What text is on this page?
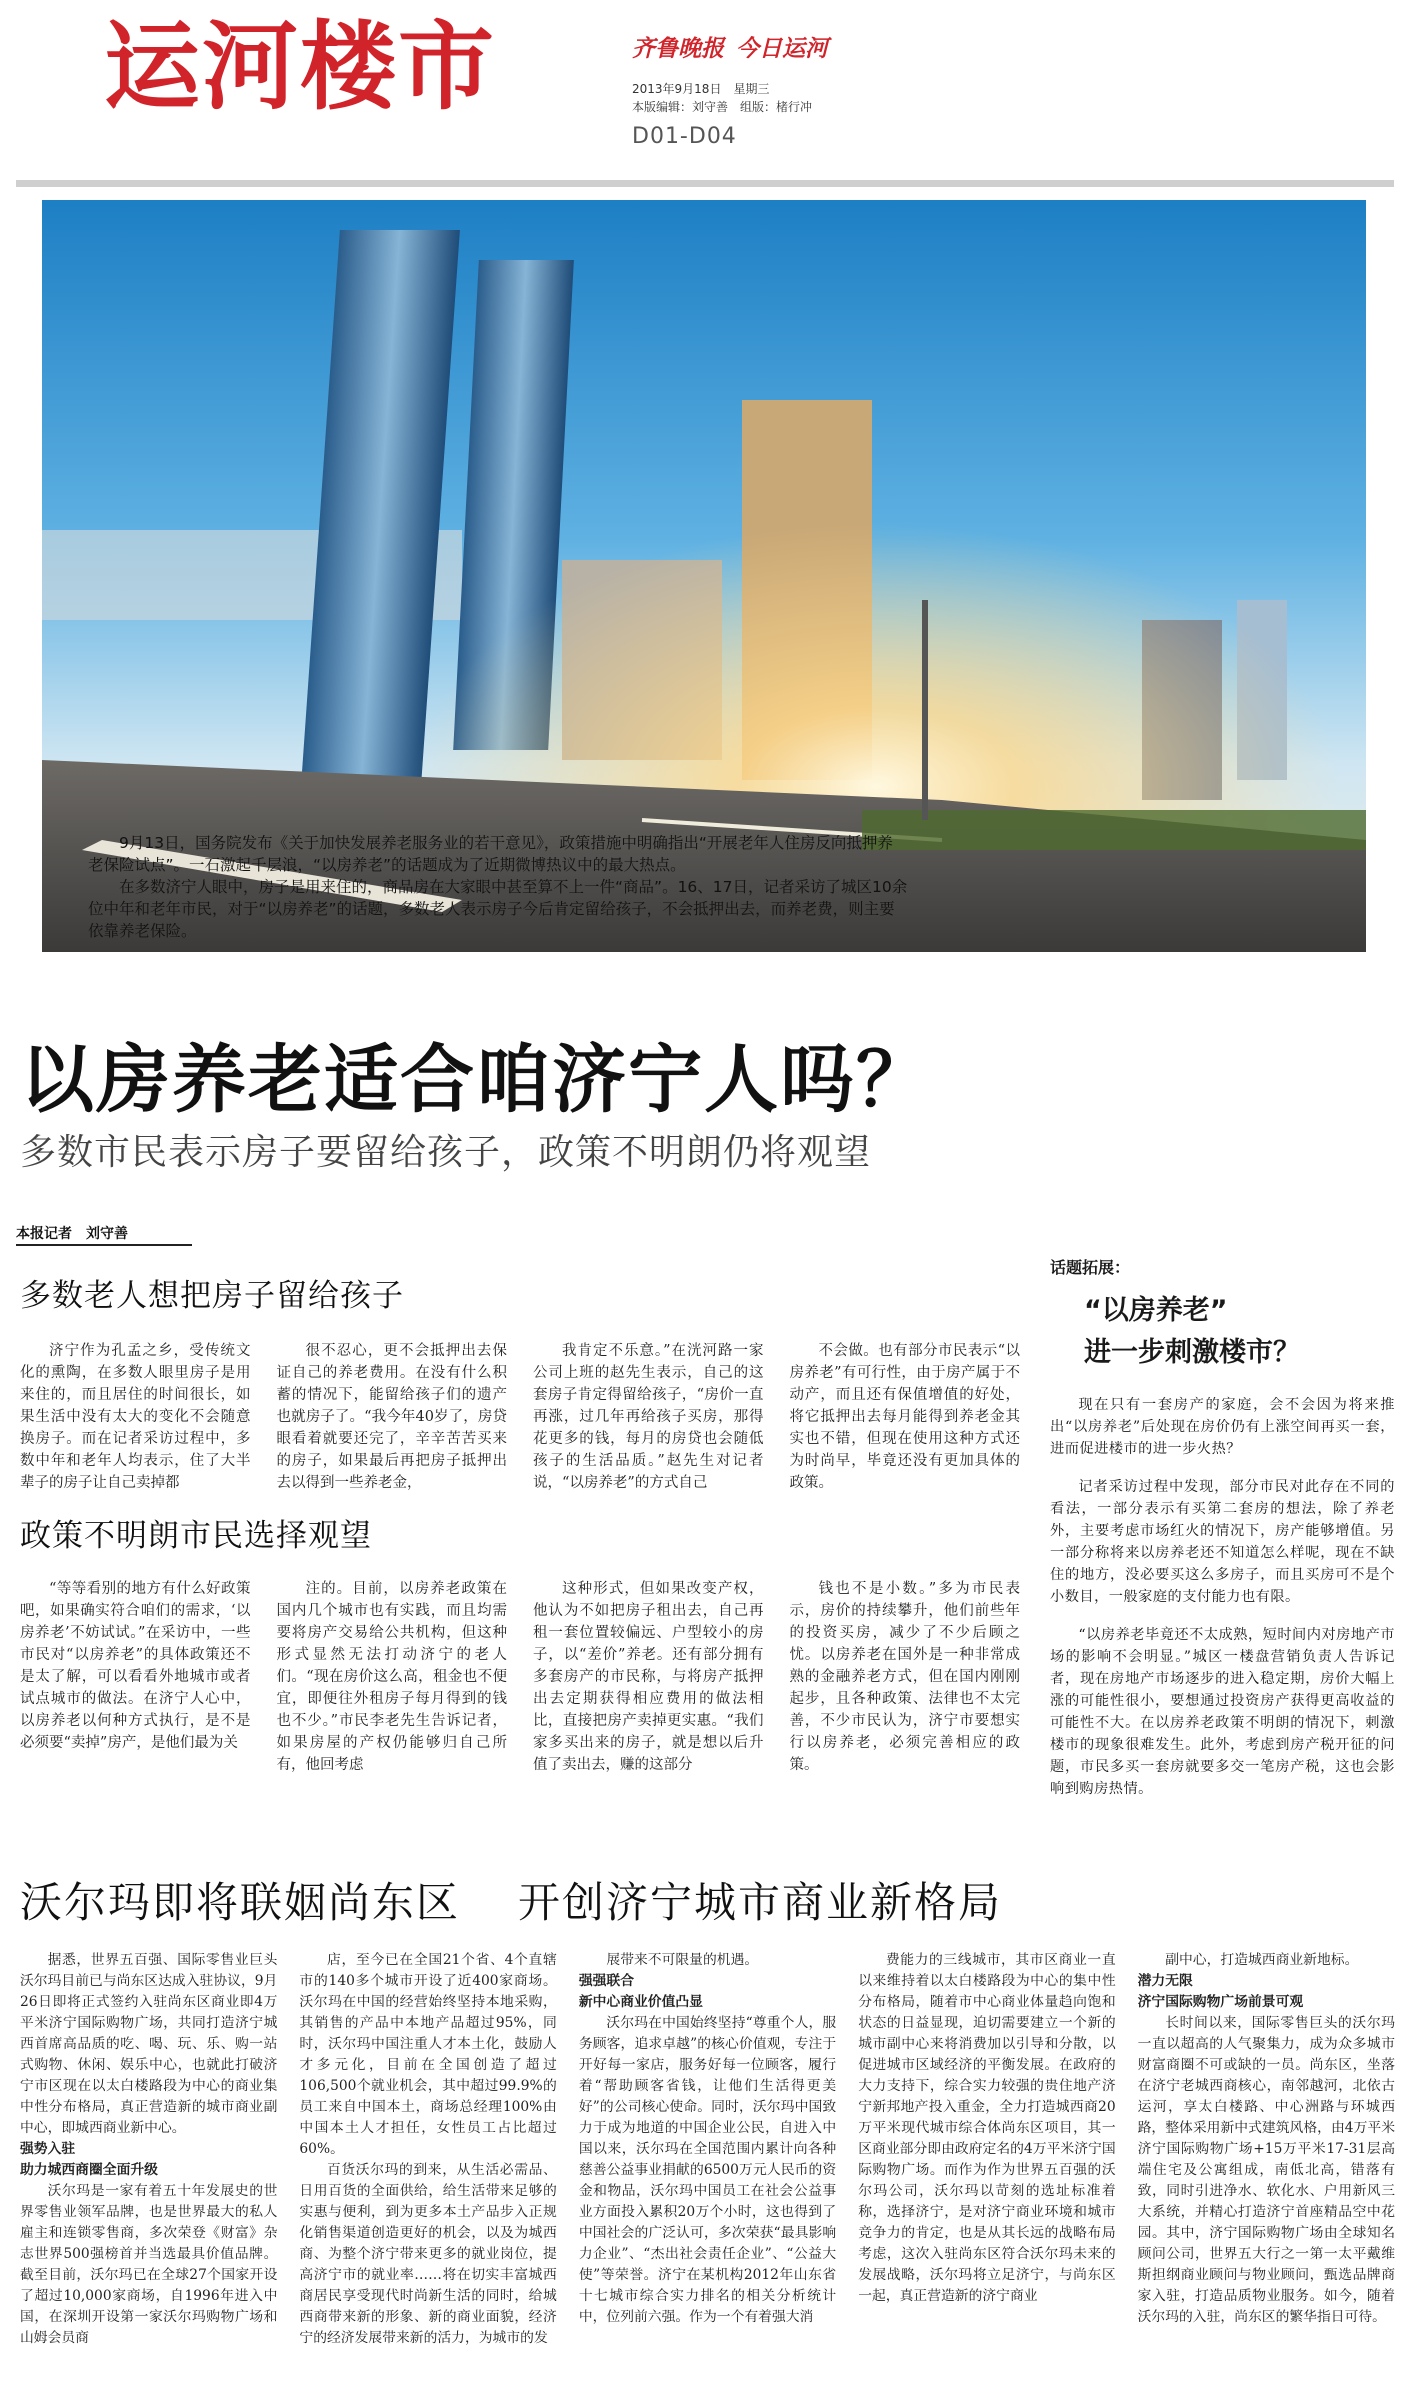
运河楼市	齐鲁晚报 今日运河
2013年9月18日　星期三
本版编辑：刘守善　组版：楮行冲
D01-D04

9月13日，国务院发布《关于加快发展养老服务业的若干意见》，政策措施中明确指出“开展老年人住房反向抵押养老保险试点”。一石激起千层浪，“以房养老”的话题成为了近期微博热议中的最大热点。

在多数济宁人眼中，房子是用来住的，商品房在大家眼中甚至算不上一件“商品”。16、17日，记者采访了城区10余位中年和老年市民，对于“以房养老”的话题，多数老人表示房子今后肯定留给孩子，不会抵押出去，而养老费，则主要依靠养老保险。

以房养老适合咱济宁人吗？
多数市民表示房子要留给孩子，政策不明朗仍将观望
本报记者　刘守善
多数老人想把房子留给孩子

济宁作为孔孟之乡，受传统文化的熏陶，在多数人眼里房子是用来住的，而且居住的时间很长，如果生活中没有太大的变化不会随意换房子。而在记者采访过程中，多数中年和老年人均表示，住了大半辈子的房子让自己卖掉都

很不忍心，更不会抵押出去保证自己的养老费用。在没有什么积蓄的情况下，能留给孩子们的遗产也就房子了。“我今年40岁了，房贷眼看着就要还完了，辛辛苦苦买来的房子，如果最后再把房子抵押出去以得到一些养老金，

我肯定不乐意。”在洸河路一家公司上班的赵先生表示，自己的这套房子肯定得留给孩子，“房价一直再涨，过几年再给孩子买房，那得花更多的钱，每月的房贷也会随低孩子的生活品质。”赵先生对记者说，“以房养老”的方式自己

不会做。也有部分市民表示“以房养老”有可行性，由于房产属于不动产，而且还有保值增值的好处，将它抵押出去每月能得到养老金其实也不错，但现在使用这种方式还为时尚早，毕竟还没有更加具体的政策。

政策不明朗市民选择观望

“等等看别的地方有什么好政策吧，如果确实符合咱们的需求，‘以房养老’不妨试试。”在采访中，一些市民对“以房养老”的具体政策还不是太了解，可以看看外地城市或者试点城市的做法。在济宁人心中，以房养老以何种方式执行，是不是必须要“卖掉”房产，是他们最为关

注的。目前，以房养老政策在国内几个城市也有实践，而且均需要将房产交易给公共机构，但这种形式显然无法打动济宁的老人们。“现在房价这么高，租金也不便宜，即便往外租房子每月得到的钱也不少。”市民李老先生告诉记者，如果房屋的产权仍能够归自己所有，他回考虑

这种形式，但如果改变产权，他认为不如把房子租出去，自己再租一套位置较偏远、户型较小的房子，以“差价”养老。还有部分拥有多套房产的市民称，与将房产抵押出去定期获得相应费用的做法相比，直接把房产卖掉更实惠。“我们家多买出来的房子，就是想以后升值了卖出去，赚的这部分

钱也不是小数。”多为市民表示，房价的持续攀升，他们前些年的投资买房，减少了不少后顾之忧。以房养老在国外是一种非常成熟的金融养老方式，但在国内刚刚起步，且各种政策、法律也不太完善，不少市民认为，济宁市要想实行以房养老，必须完善相应的政策。

话题拓展：
“以房养老”
进一步刺激楼市？

现在只有一套房产的家庭，会不会因为将来推出“以房养老”后处现在房价仍有上涨空间再买一套，进而促进楼市的进一步火热？

记者采访过程中发现，部分市民对此存在不同的看法，一部分表示有买第二套房的想法，除了养老外，主要考虑市场红火的情况下，房产能够增值。另一部分称将来以房养老还不知道怎么样呢，现在不缺住的地方，没必要买这么多房子，而且买房可不是个小数目，一般家庭的支付能力也有限。

“以房养老毕竟还不太成熟，短时间内对房地产市场的影响不会明显。”城区一楼盘营销负责人告诉记者，现在房地产市场逐步的进入稳定期，房价大幅上涨的可能性很小，要想通过投资房产获得更高收益的可能性不大。在以房养老政策不明朗的情况下，刺激楼市的现象很难发生。此外，考虑到房产税开征的问题，市民多买一套房就要多交一笔房产税，这也会影响到购房热情。

沃尔玛即将联姻尚东区 开创济宁城市商业新格局

据悉，世界五百强、国际零售业巨头沃尔玛目前已与尚东区达成入驻协议，9月26日即将正式签约入驻尚东区商业即4万平米济宁国际购物广场，共同打造济宁城西首席高品质的吃、喝、玩、乐、购一站式购物、休闲、娱乐中心，也就此打破济宁市区现在以太白楼路段为中心的商业集中性分布格局，真正营造新的城市商业副中心，即城西商业新中心。

强势入驻

助力城西商圈全面升级

沃尔玛是一家有着五十年发展史的世界零售业领军品牌，也是世界最大的私人雇主和连锁零售商，多次荣登《财富》杂志世界500强榜首并当选最具价值品牌。截至目前，沃尔玛已在全球27个国家开设了超过10,000家商场，自1996年进入中国，在深圳开设第一家沃尔玛购物广场和山姆会员商

店，至今已在全国21个省、4个直辖市的140多个城市开设了近400家商场。沃尔玛在中国的经营始终坚持本地采购，其销售的产品中本地产品超过95%，同时，沃尔玛中国注重人才本土化，鼓励人才多元化，目前在全国创造了超过106,500个就业机会，其中超过99.9%的员工来自中国本土，商场总经理100%由中国本土人才担任，女性员工占比超过60%。

百货沃尔玛的到来，从生活必需品、日用百货的全面供给，给生活带来足够的实惠与便利，到为更多本土产品步入正规化销售渠道创造更好的机会，以及为城西商、为整个济宁带来更多的就业岗位，提高济宁市的就业率……将在切实丰富城西商居民享受现代时尚新生活的同时，给城西商带来新的形象、新的商业面貌，经济宁的经济发展带来新的活力，为城市的发

展带来不可限量的机遇。

强强联合

新中心商业价值凸显

沃尔玛在中国始终坚持“尊重个人，服务顾客，追求卓越”的核心价值观，专注于开好每一家店，服务好每一位顾客，履行着“帮助顾客省钱，让他们生活得更美好”的公司核心使命。同时，沃尔玛中国致力于成为地道的中国企业公民，自进入中国以来，沃尔玛在全国范围内累计向各种慈善公益事业捐献的6500万元人民币的资金和物品，沃尔玛中国员工在社会公益事业方面投入累积20万个小时，这也得到了中国社会的广泛认可，多次荣获“最具影响力企业”、“杰出社会责任企业”、“公益大使”等荣誉。济宁在某机构2012年山东省十七城市综合实力排名的相关分析统计中，位列前六强。作为一个有着强大消

费能力的三线城市，其市区商业一直以来维持着以太白楼路段为中心的集中性分布格局，随着市中心商业体量趋向饱和状态的日益显现，迫切需要建立一个新的城市副中心来将消费加以引导和分散，以促进城市区域经济的平衡发展。在政府的大力支持下，综合实力较强的贵住地产济宁新邦地产投入重金，全力打造城西商20万平米现代城市综合体尚东区项目，其一区商业部分即由政府定名的4万平米济宁国际购物广场。而作为作为世界五百强的沃尔玛公司，沃尔玛以苛刻的选址标准着称，选择济宁，是对济宁商业环境和城市竞争力的肯定，也是从其长远的战略布局考虑，这次入驻尚东区符合沃尔玛未来的发展战略，沃尔玛将立足济宁，与尚东区一起，真正营造新的济宁商业

副中心，打造城西商业新地标。

潜力无限

济宁国际购物广场前景可观

长时间以来，国际零售巨头的沃尔玛一直以超高的人气聚集力，成为众多城市财富商圈不可或缺的一员。尚东区，坐落在济宁老城西商核心，南邻越河，北依古运河，享太白楼路、中心洲路与环城西路，整体采用新中式建筑风格，由4万平米济宁国际购物广场+15万平米17-31层高端住宅及公寓组成，南低北高，错落有致，同时引进净水、软化水、户用新风三大系统，并精心打造济宁首座精品空中花园。其中，济宁国际购物广场由全球知名顾问公司，世界五大行之一第一太平戴维斯担纲商业顾问与物业顾问，甄选品牌商家入驻，打造品质物业服务。如今，随着沃尔玛的入驻，尚东区的繁华指日可待。
